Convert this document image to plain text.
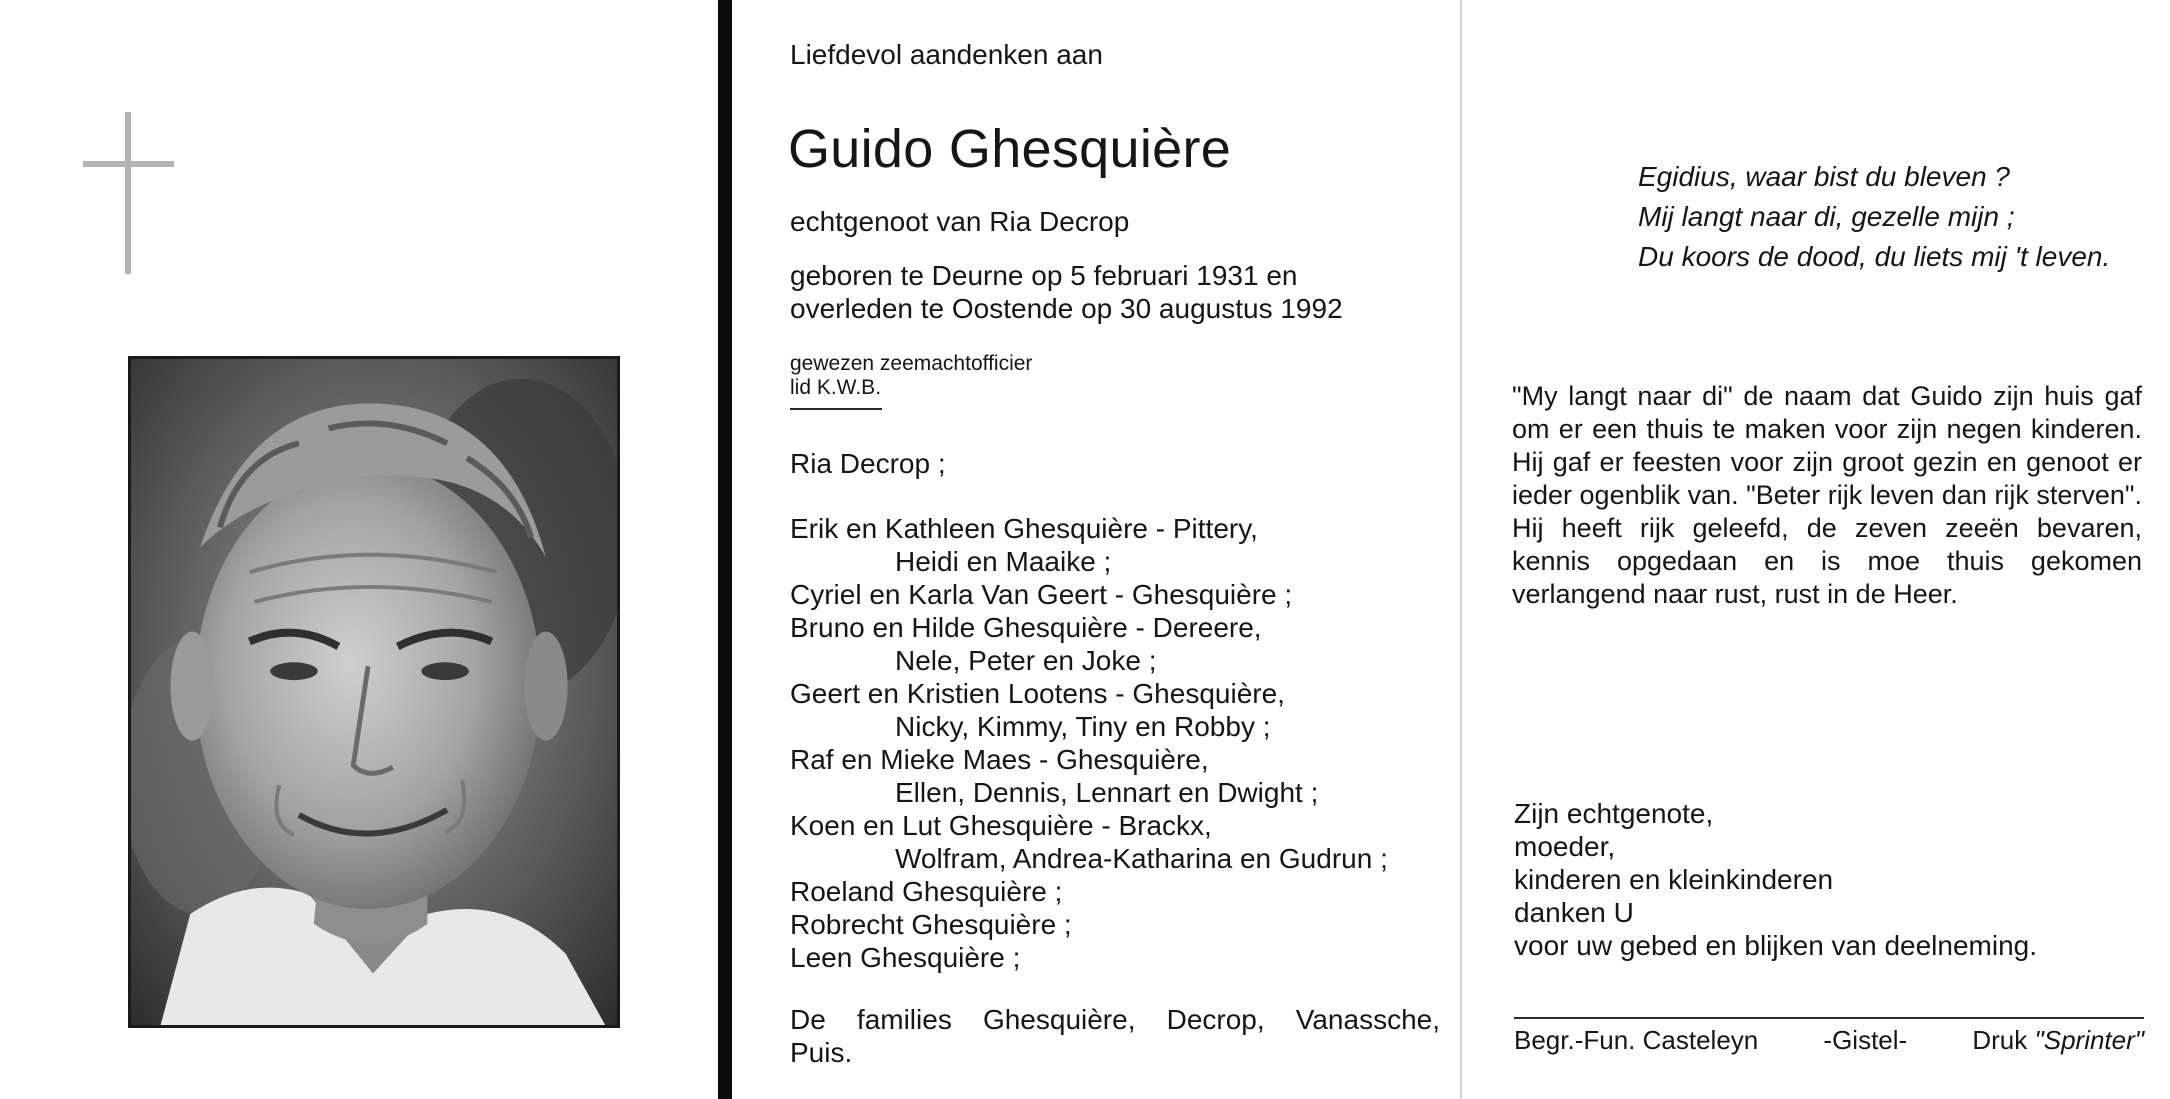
Liefdevol aandenken aan
Guido Ghesquière
echtgenoot van Ria Decrop
geboren te Deurne op 5 februari 1931 en
overleden te Oostende op 30 augustus 1992
gewezen zeemachtofficier
lid K.W.B.
Ria Decrop ;
Erik en Kathleen Ghesquière - Pittery,
Heidi en Maaike ;
Cyriel en Karla Van Geert - Ghesquière ;
Bruno en Hilde Ghesquière - Dereere,
Nele, Peter en Joke ;
Geert en Kristien Lootens - Ghesquière,
Nicky, Kimmy, Tiny en Robby ;
Raf en Mieke Maes - Ghesquière,
Ellen, Dennis, Lennart en Dwight ;
Koen en Lut Ghesquière - Brackx,
Wolfram, Andrea-Katharina en Gudrun ;
Roeland Ghesquière ;
Robrecht Ghesquière ;
Leen Ghesquière ;
De families Ghesquière, Decrop, Vanassche,
Puis.
Egidius, waar bist du bleven ?
Mij langt naar di, gezelle mijn ;
Du koors de dood, du liets mij 't leven.
"My langt naar di" de naam dat Guido zijn huis gaf om er een thuis te maken voor zijn negen kinderen. Hij gaf er feesten voor zijn groot gezin en genoot er ieder ogenblik van. "Beter rijk leven dan rijk sterven". Hij heeft rijk geleefd, de zeven zeeën bevaren, kennis opgedaan en is moe thuis gekomen verlangend naar rust, rust in de Heer.
Zijn echtgenote,
moeder,
kinderen en kleinkinderen
danken U
voor uw gebed en blijken van deelneming.
Begr.-Fun. Casteleyn	-Gistel-	Druk "Sprinter"
